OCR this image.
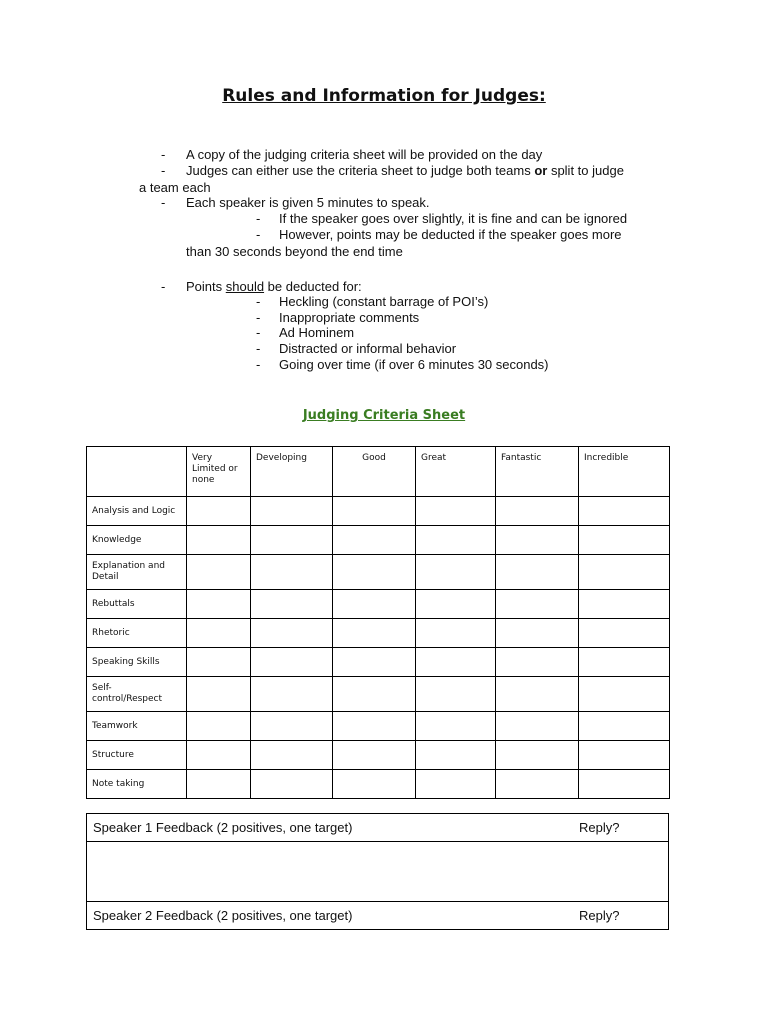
Rules and Information for Judges:
- A copy of the judging criteria sheet will be provided on the day
- Judges can either use the criteria sheet to judge both teams or split to judge
a team each
- Each speaker is given 5 minutes to speak.
- If the speaker goes over slightly, it is fine and can be ignored
- However, points may be deducted if the speaker goes more
than 30 seconds beyond the end time
- Points should be deducted for:
- Heckling (constant barrage of POI’s)
- Inappropriate comments
- Ad Hominem
- Distracted or informal behavior
- Going over time (if over 6 minutes 30 seconds)
Judging Criteria Sheet
	Very Limited or none	Developing	Good	Great	Fantastic	Incredible
Analysis and Logic						
Knowledge						
Explanation and Detail						
Rebuttals						
Rhetoric						
Speaking Skills						
Self-control/Respect						
Teamwork						
Structure						
Note taking						
Speaker 1 Feedback (2 positives, one target)	Reply?

Speaker 2 Feedback (2 positives, one target)	Reply?
